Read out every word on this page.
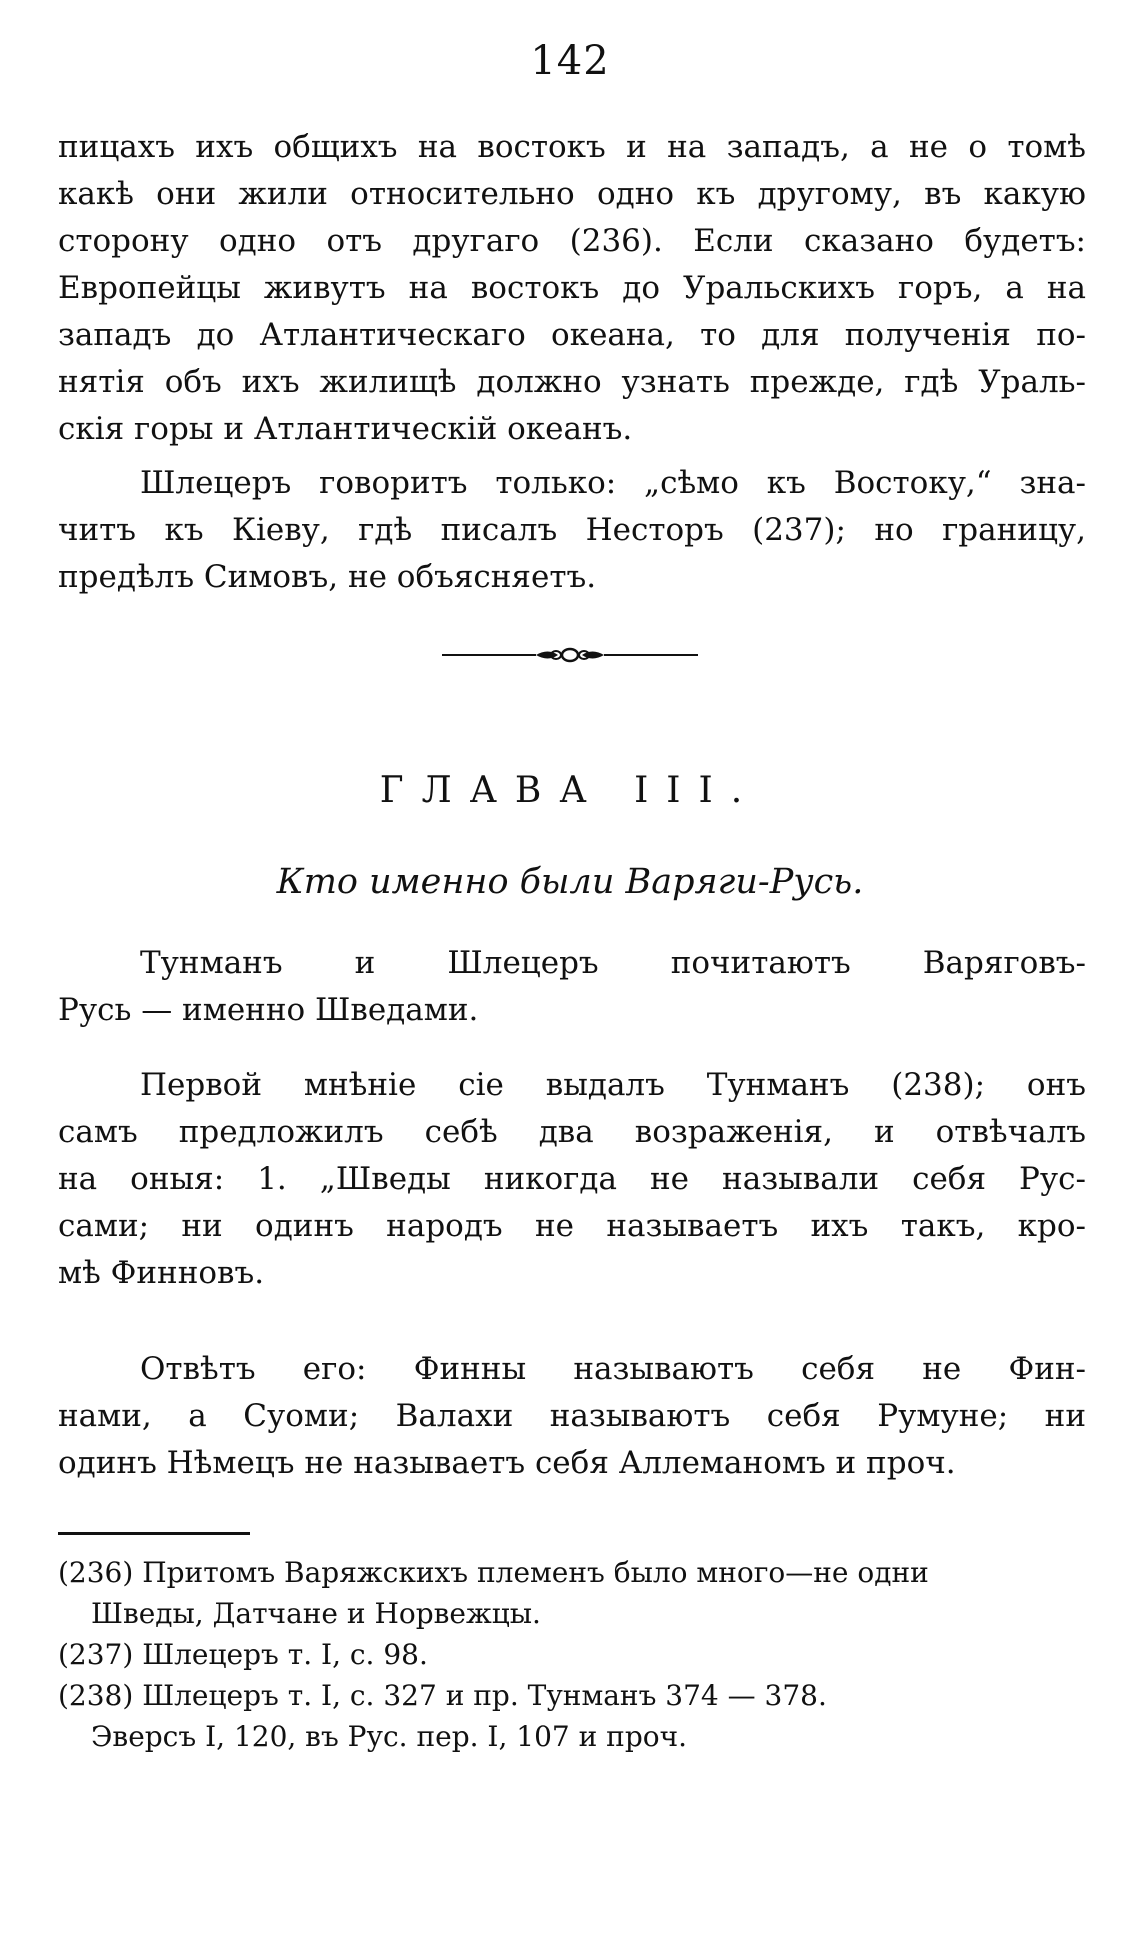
142
пицахъ ихъ общихъ на востокъ и на западъ, а не о томѣ
какѣ они жили относительно одно къ другому, въ какую
сторону одно отъ другаго (236). Если сказано будетъ:
Европейцы живутъ на востокъ до Уральскихъ горъ, а на
западъ до Атлантическаго океана, то для полученія по-
нятія объ ихъ жилищѣ должно узнать прежде, гдѣ Ураль-
скія горы и Атлантическій океанъ.
Шлецеръ говоритъ только: „сѣмо къ Востоку,“ зна-
читъ къ Кіеву, гдѣ писалъ Несторъ (237); но границу,
предѣлъ Симовъ, не объясняетъ.
ГЛАВА III.
Кто именно были Варяги-Русь.
Тунманъ и Шлецеръ почитаютъ Варяговъ-
Русь — именно Шведами.
Первой мнѣніе сіе выдалъ Тунманъ (238); онъ
самъ предложилъ себѣ два возраженія, и отвѣчалъ
на оныя: 1. „Шведы никогда не называли себя Рус-
сами; ни одинъ народъ не называетъ ихъ такъ, кро-
мѣ Финновъ.
Отвѣтъ его: Финны называютъ себя не Фин-
нами, а Суоми; Валахи называютъ себя Румуне; ни
одинъ Нѣмецъ не называетъ себя Аллеманомъ и проч.
(236) Притомъ Варяжскихъ племенъ было много—не одни
Шведы, Датчане и Норвежцы.
(237) Шлецеръ т. I, с. 98.
(238) Шлецеръ т. I, с. 327 и пр. Тунманъ 374 — 378.
Эверсъ I, 120, въ Рус. пер. I, 107 и проч.
